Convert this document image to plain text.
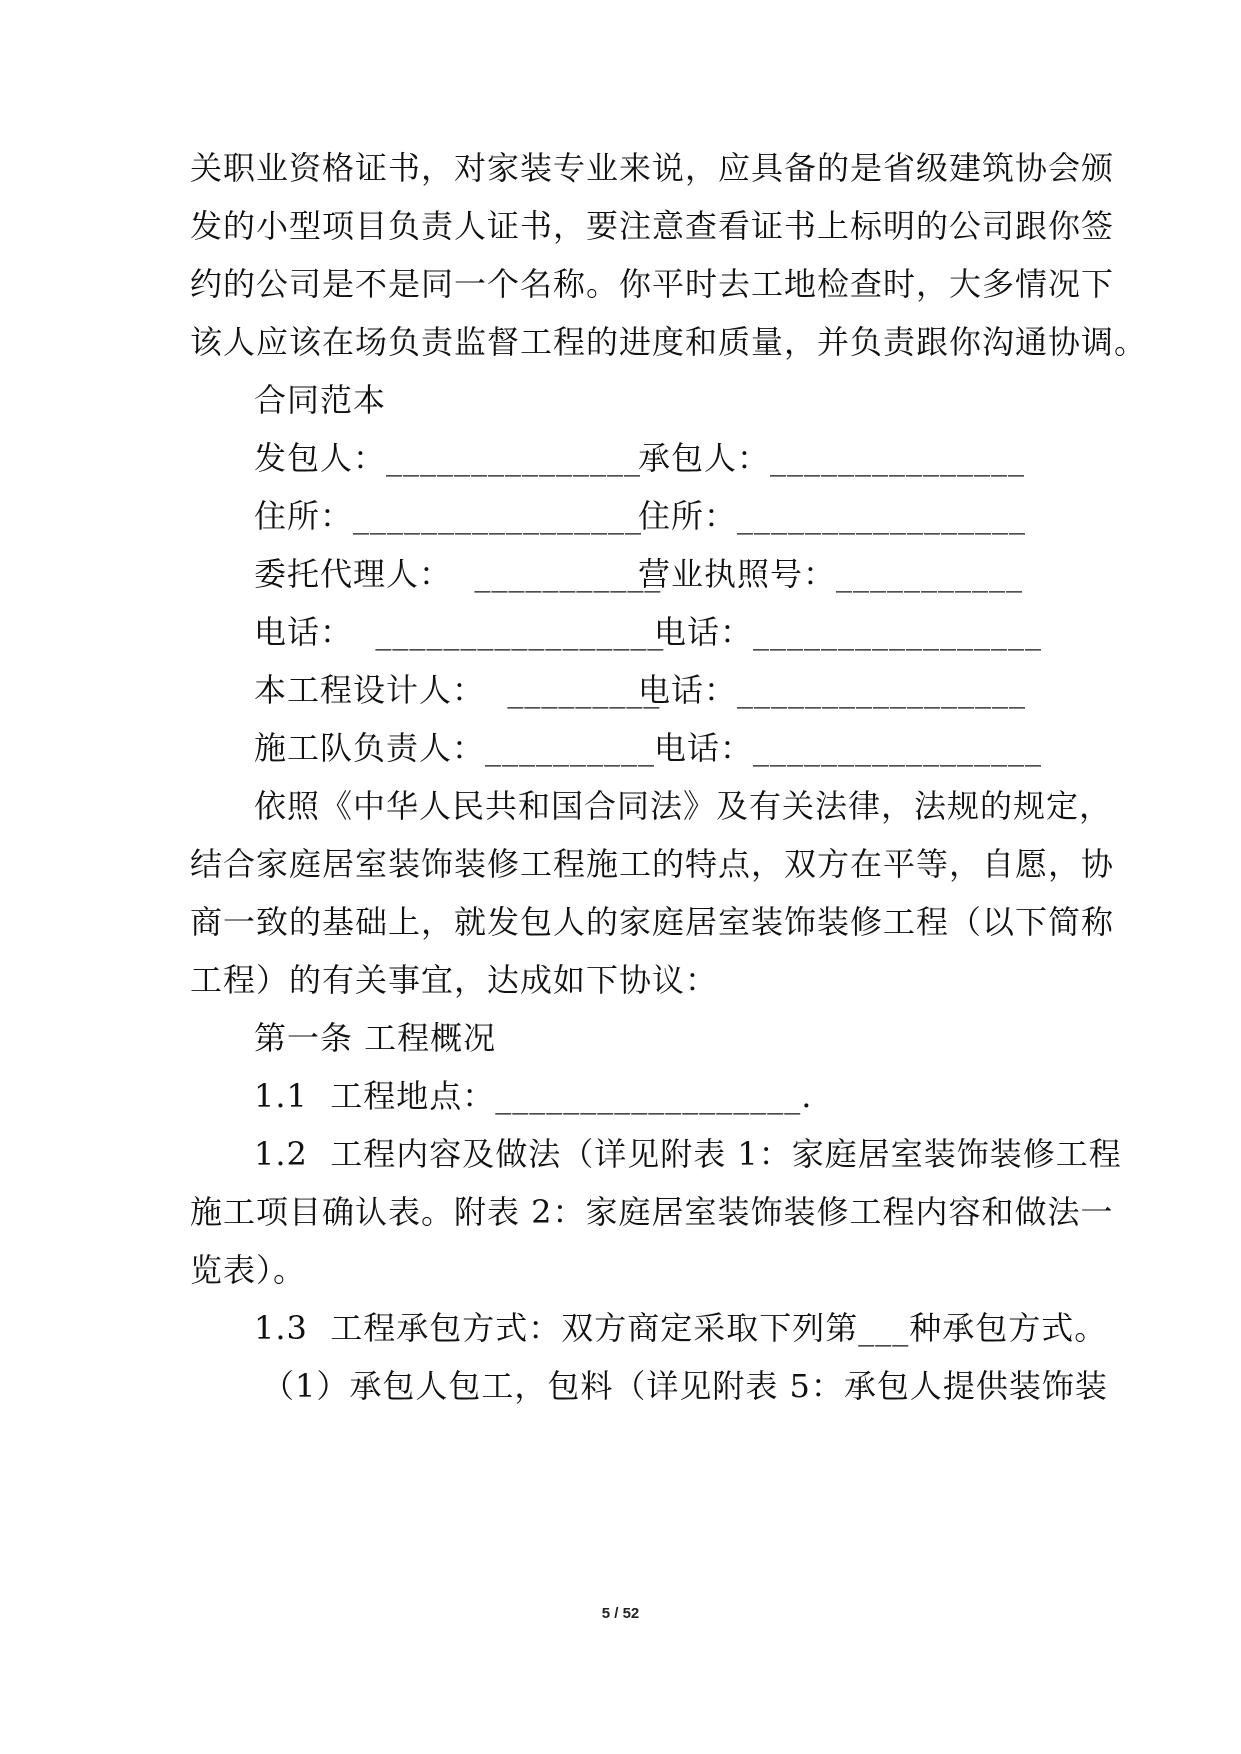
关职业资格证书，对家装专业来说，应具备的是省级建筑协会颁
发的小型项目负责人证书，要注意查看证书上标明的公司跟你签
约的公司是不是同一个名称。你平时去工地检查时，大多情况下
该人应该在场负责监督工程的进度和质量，并负责跟你沟通协调。
合同范本
发包人：_______________
承包人：_______________
住所：_________________
住所：_________________
委托代理人：  ___________
营业执照号：___________
电话：  _________________
电话：_________________
本工程设计人：  _________
电话：_________________
施工队负责人：__________
电话：_________________
依照《中华人民共和国合同法》及有关法律，法规的规定，
结合家庭居室装饰装修工程施工的特点，双方在平等，自愿，协
商一致的基础上，就发包人的家庭居室装饰装修工程（以下简称
工程）的有关事宜，达成如下协议：
第一条 工程概况
1.1  工程地点：__________________.
1.2  工程内容及做法（详见附表 1：家庭居室装饰装修工程
施工项目确认表。附表 2：家庭居室装饰装修工程内容和做法一
览表）。
1.3  工程承包方式：双方商定采取下列第___种承包方式。
（1）承包人包工，包料（详见附表 5：承包人提供装饰装
5 / 52
